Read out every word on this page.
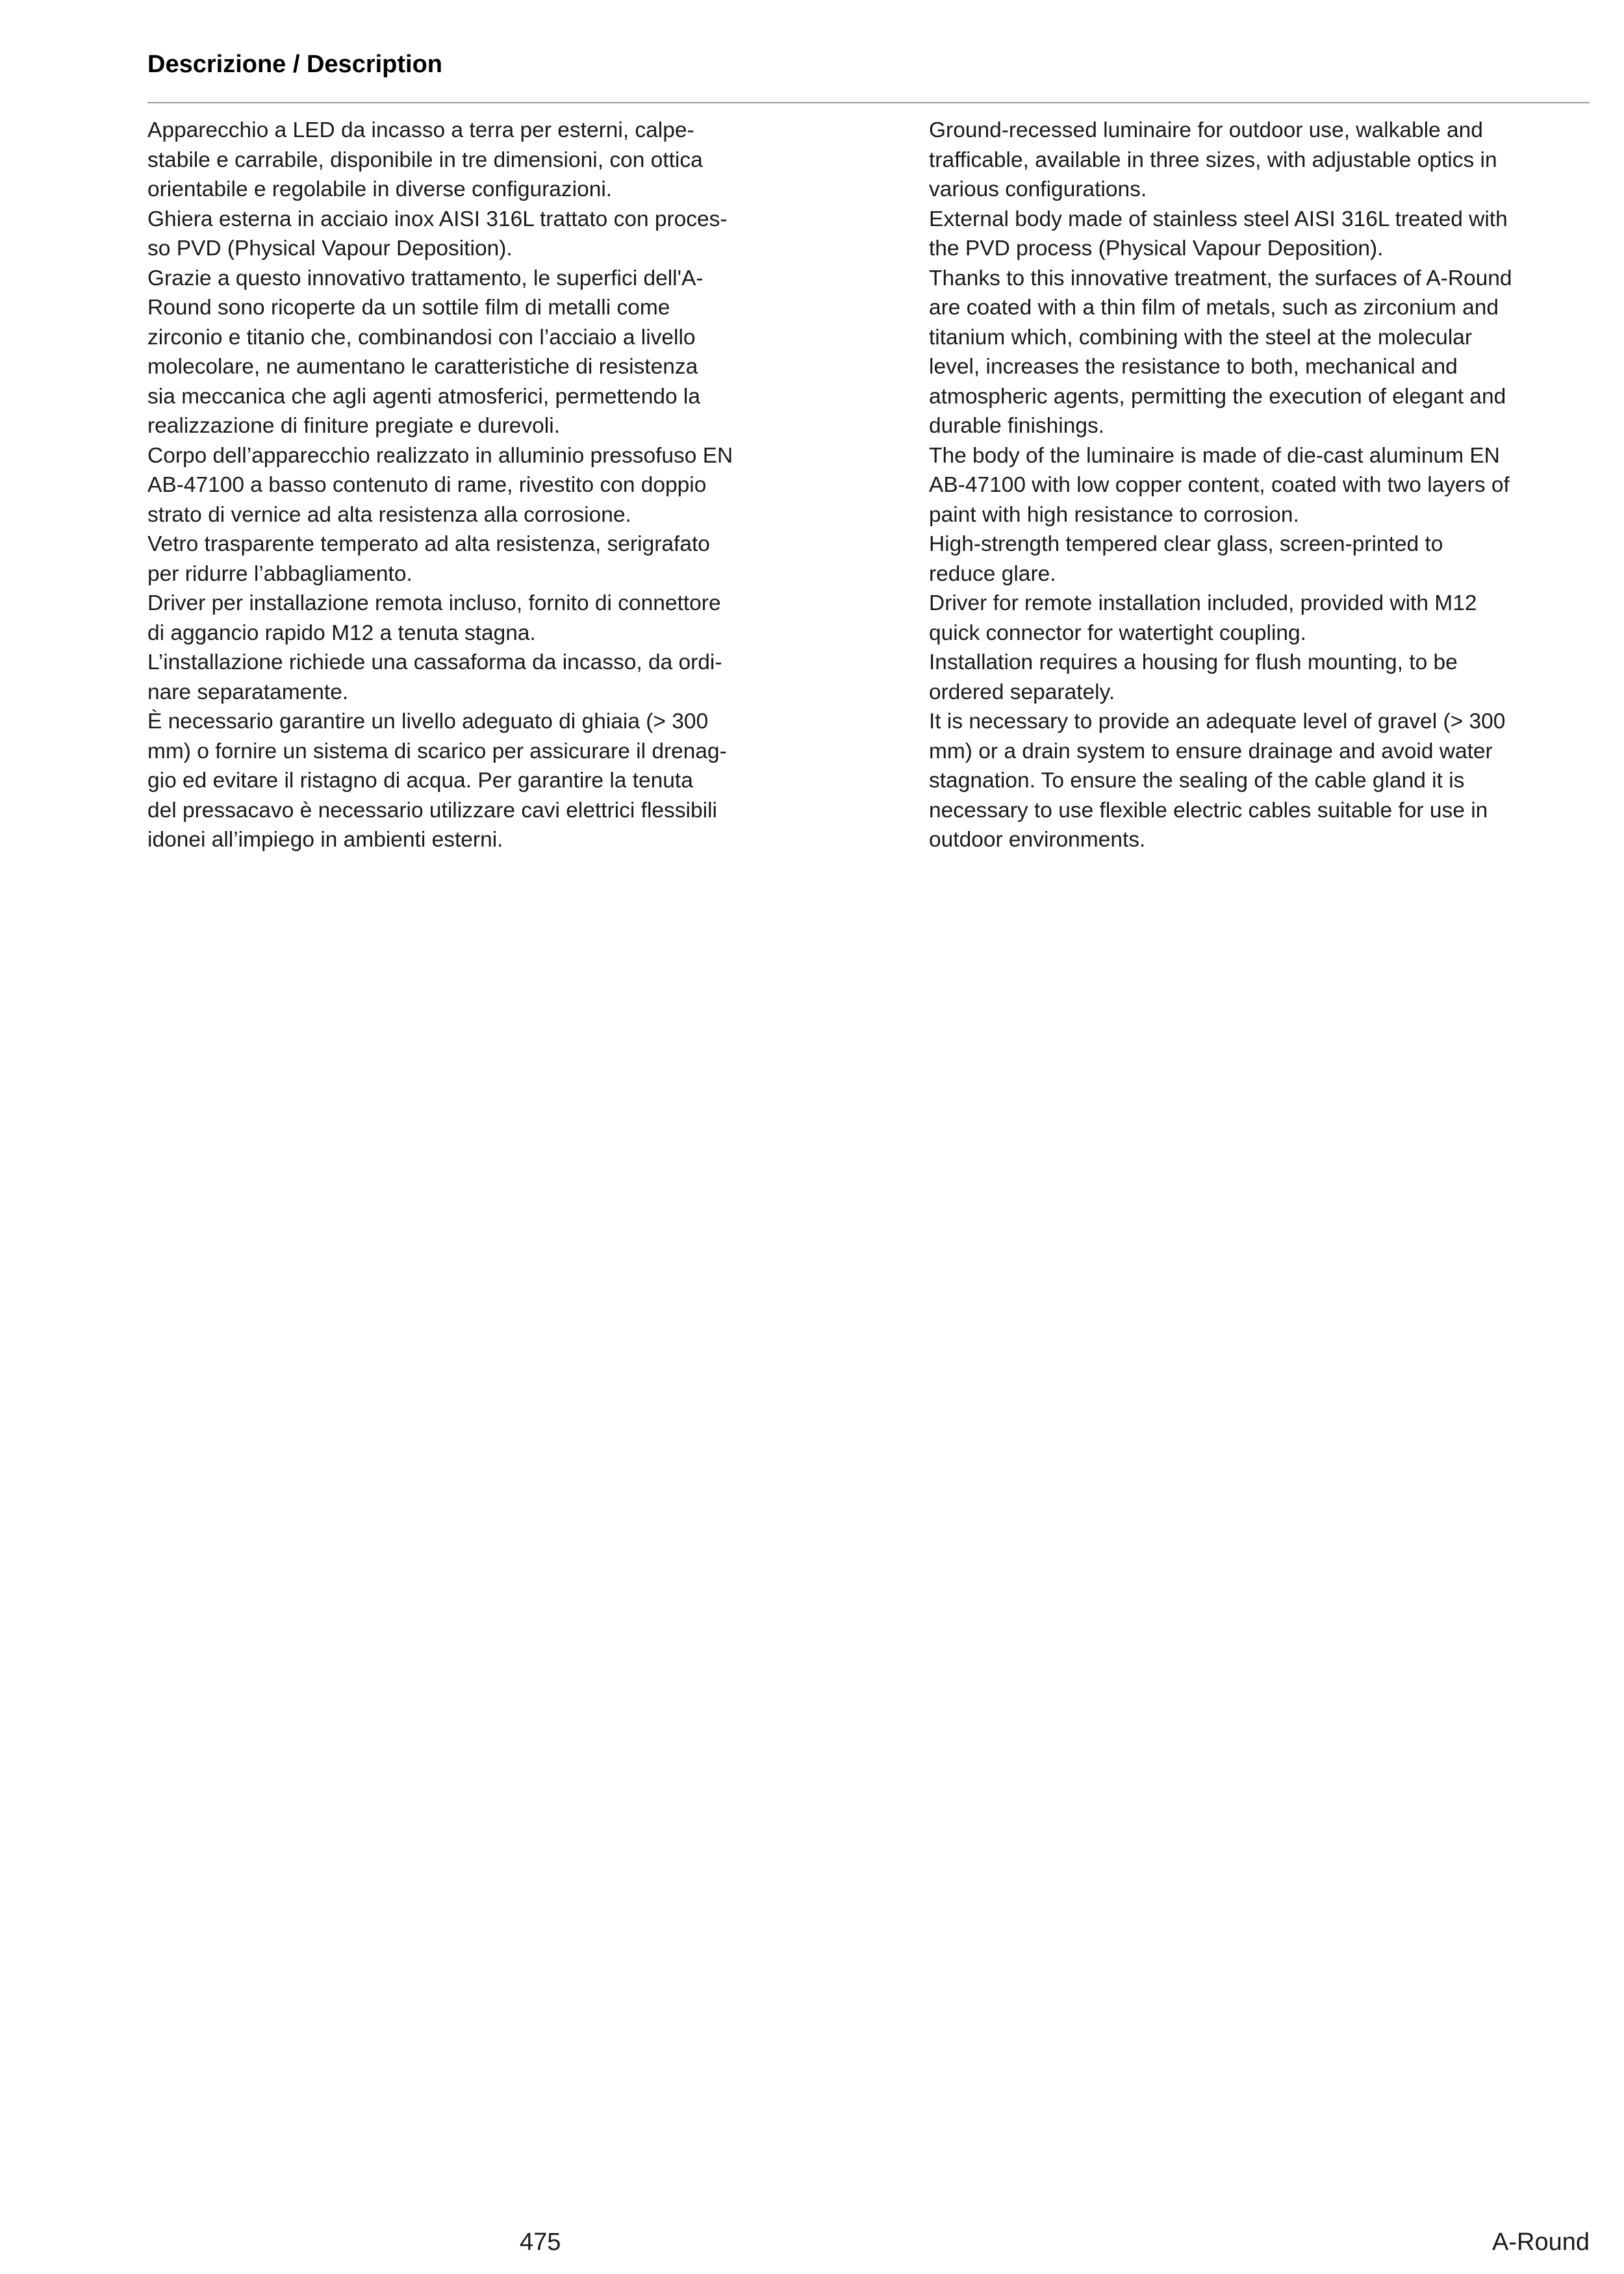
Descrizione / Description
Apparecchio a LED da incasso a terra per esterni, calpe-
stabile e carrabile, disponibile in tre dimensioni, con ottica
orientabile e regolabile in diverse configurazioni.
Ghiera esterna in acciaio inox AISI 316L trattato con proces-
so PVD (Physical Vapour Deposition).
Grazie a questo innovativo trattamento, le superfici dell'A-
Round sono ricoperte da un sottile film di metalli come
zirconio e titanio che, combinandosi con l’acciaio a livello
molecolare, ne aumentano le caratteristiche di resistenza
sia meccanica che agli agenti atmosferici, permettendo la
realizzazione di finiture pregiate e durevoli.
Corpo dell’apparecchio realizzato in alluminio pressofuso EN
AB-47100 a basso contenuto di rame, rivestito con doppio
strato di vernice ad alta resistenza alla corrosione.
Vetro trasparente temperato ad alta resistenza, serigrafato
per ridurre l’abbagliamento.
Driver per installazione remota incluso, fornito di connettore
di aggancio rapido M12 a tenuta stagna.
L’installazione richiede una cassaforma da incasso, da ordi-
nare separatamente.
È necessario garantire un livello adeguato di ghiaia (> 300
mm) o fornire un sistema di scarico per assicurare il drenag-
gio ed evitare il ristagno di acqua. Per garantire la tenuta
del pressacavo è necessario utilizzare cavi elettrici flessibili
idonei all’impiego in ambienti esterni.
Ground-recessed luminaire for outdoor use, walkable and
trafficable, available in three sizes, with adjustable optics in
various configurations.
External body made of stainless steel AISI 316L treated with
the PVD process (Physical Vapour Deposition).
Thanks to this innovative treatment, the surfaces of A-Round
are coated with a thin film of metals, such as zirconium and
titanium which, combining with the steel at the molecular
level, increases the resistance to both, mechanical and
atmospheric agents, permitting the execution of elegant and
durable finishings.
The body of the luminaire is made of die-cast aluminum EN
AB-47100 with low copper content, coated with two layers of
paint with high resistance to corrosion.
High-strength tempered clear glass, screen-printed to
reduce glare.
Driver for remote installation included, provided with M12
quick connector for watertight coupling.
Installation requires a housing for flush mounting, to be
ordered separately.
It is necessary to provide an adequate level of gravel (> 300
mm) or a drain system to ensure drainage and avoid water
stagnation. To ensure the sealing of the cable gland it is
necessary to use flexible electric cables suitable for use in
outdoor environments.
475	A-Round
